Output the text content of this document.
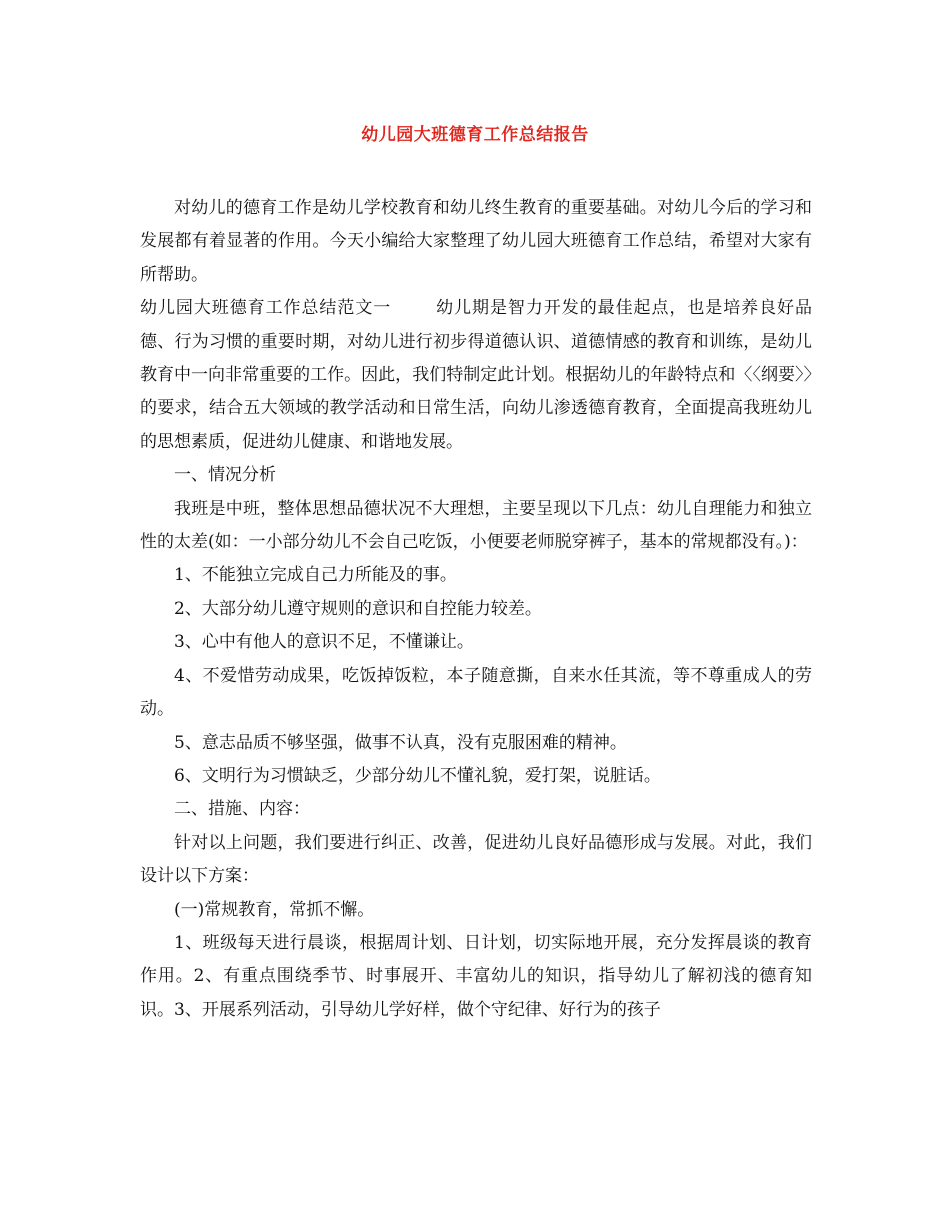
幼儿园大班德育工作总结报告

对幼儿的德育工作是幼儿学校教育和幼儿终生教育的重要基础。对幼儿今后的学习和发展都有着显著的作用。今天小编给大家整理了幼儿园大班德育工作总结，希望对大家有所帮助。

幼儿园大班德育工作总结范文一	幼儿期是智力开发的最佳起点，也是培养良好品德、行为习惯的重要时期，对幼儿进行初步得道德认识、道德情感的教育和训练，是幼儿教育中一向非常重要的工作。因此，我们特制定此计划。根据幼儿的年龄特点和〈〈纲要〉〉的要求，结合五大领域的教学活动和日常生活，向幼儿渗透德育教育，全面提高我班幼儿的思想素质，促进幼儿健康、和谐地发展。

一、情况分析

我班是中班，整体思想品德状况不大理想，主要呈现以下几点：幼儿自理能力和独立性的太差(如：一小部分幼儿不会自己吃饭，小便要老师脱穿裤子，基本的常规都没有。)：

1、不能独立完成自己力所能及的事。

2、大部分幼儿遵守规则的意识和自控能力较差。

3、心中有他人的意识不足，不懂谦让。

4、不爱惜劳动成果，吃饭掉饭粒，本子随意撕，自来水任其流，等不尊重成人的劳动。

5、意志品质不够坚强，做事不认真，没有克服困难的精神。

6、文明行为习惯缺乏，少部分幼儿不懂礼貌，爱打架，说脏话。

二、措施、内容：

针对以上问题，我们要进行纠正、改善，促进幼儿良好品德形成与发展。对此，我们设计以下方案：

(一)常规教育，常抓不懈。

1、班级每天进行晨谈，根据周计划、日计划，切实际地开展，充分发挥晨谈的教育作用。2、有重点围绕季节、时事展开、丰富幼儿的知识，指导幼儿了解初浅的德育知识。3、开展系列活动，引导幼儿学好样，做个守纪律、好行为的孩子
